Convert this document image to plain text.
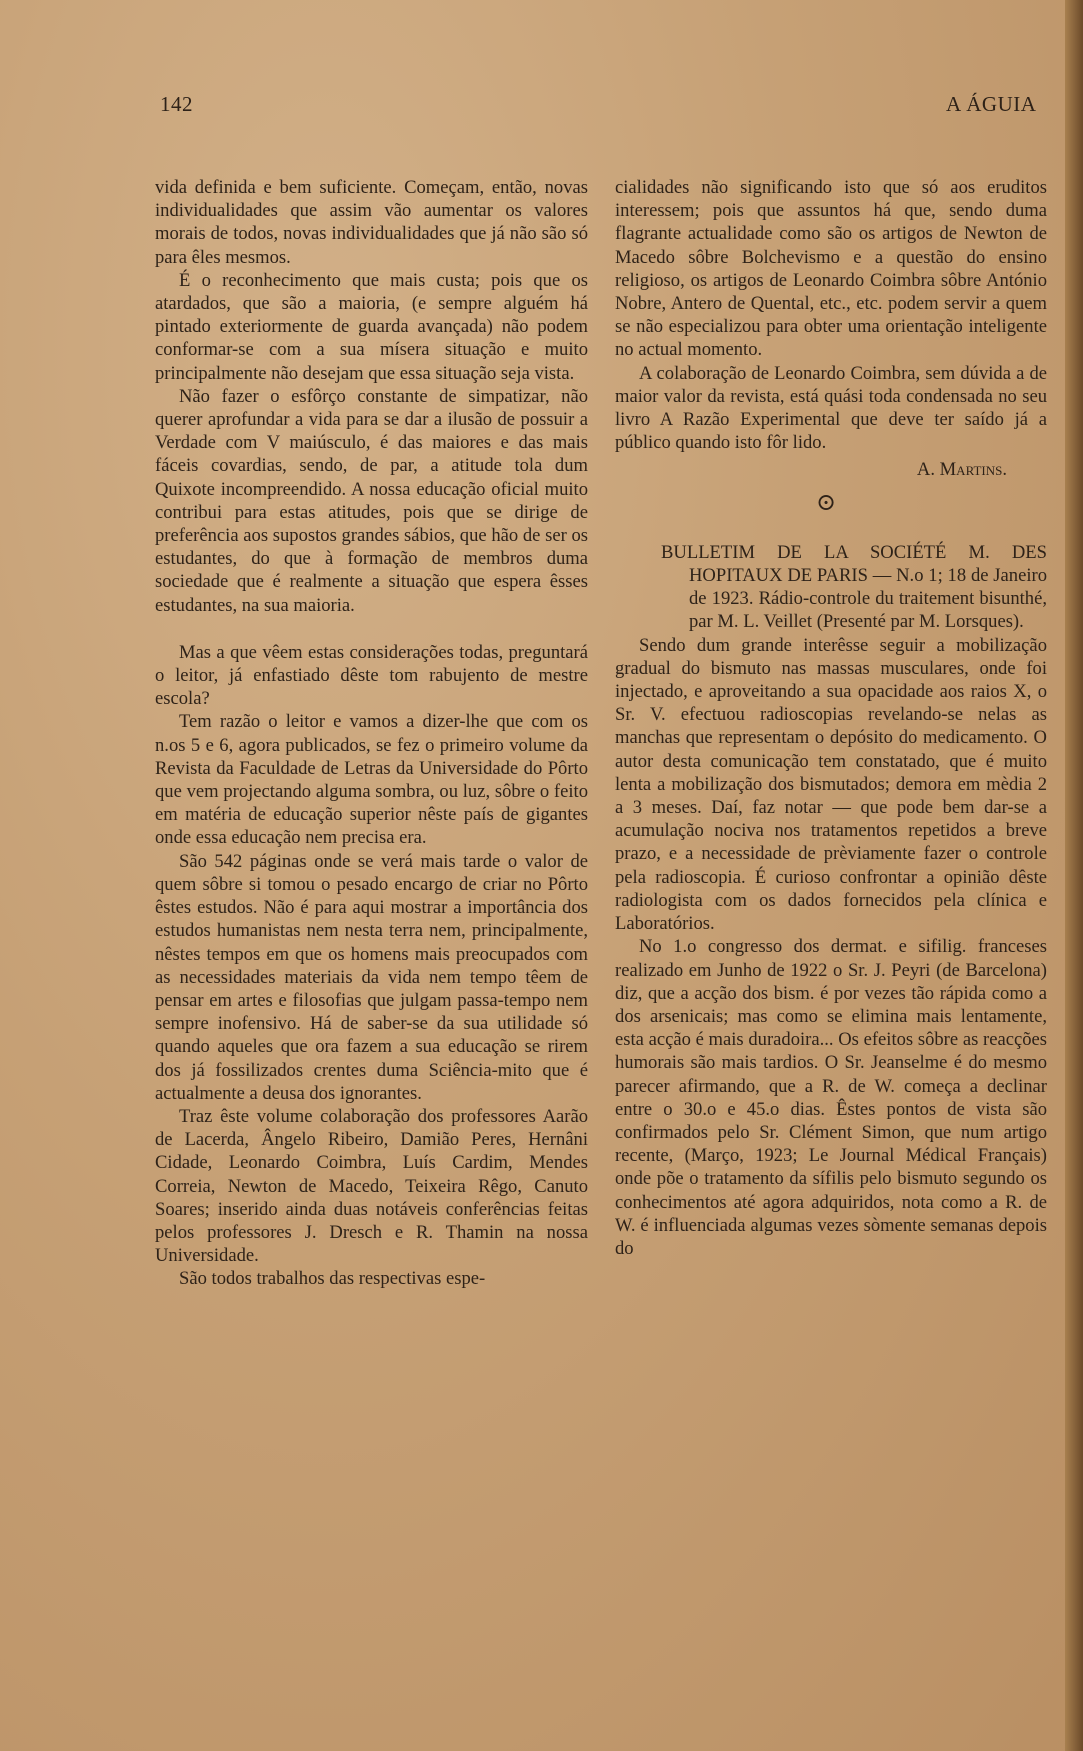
142	A ÁGUIA

vida definida e bem suficiente. Começam, então, novas individualidades que assim vão aumentar os valores morais de todos, novas individualidades que já não são só para êles mesmos.

É o reconhecimento que mais custa; pois que os atardados, que são a maioria, (e sempre alguém há pintado exteriormente de guarda avançada) não podem conformar-se com a sua mísera situação e muito principalmente não desejam que essa situação seja vista.

Não fazer o esfôrço constante de simpatizar, não querer aprofundar a vida para se dar a ilusão de possuir a Verdade com V maiúsculo, é das maiores e das mais fáceis covardias, sendo, de par, a atitude tola dum Quixote incompreendido. A nossa educação oficial muito contribui para estas atitudes, pois que se dirige de preferência aos supostos grandes sábios, que hão de ser os estudantes, do que à formação de membros duma sociedade que é realmente a situação que espera êsses estudantes, na sua maioria.

Mas a que vêem estas considerações todas, preguntará o leitor, já enfastiado dêste tom rabujento de mestre escola?

Tem razão o leitor e vamos a dizer-lhe que com os n.os 5 e 6, agora publicados, se fez o primeiro volume da Revista da Faculdade de Letras da Universidade do Pôrto que vem projectando alguma sombra, ou luz, sôbre o feito em matéria de educação superior nêste país de gigantes onde essa educação nem precisa era.

São 542 páginas onde se verá mais tarde o valor de quem sôbre si tomou o pesado encargo de criar no Pôrto êstes estudos. Não é para aqui mostrar a importância dos estudos humanistas nem nesta terra nem, principalmente, nêstes tempos em que os homens mais preocupados com as necessidades materiais da vida nem tempo têem de pensar em artes e filosofias que julgam passa-tempo nem sempre inofensivo. Há de saber-se da sua utilidade só quando aqueles que ora fazem a sua educação se rirem dos já fossilizados crentes duma Sciência-mito que é actualmente a deusa dos ignorantes.

Traz êste volume colaboração dos professores Aarão de Lacerda, Ângelo Ribeiro, Damião Peres, Hernâni Cidade, Leonardo Coimbra, Luís Cardim, Mendes Correia, Newton de Macedo, Teixeira Rêgo, Canuto Soares; inserido ainda duas notáveis conferências feitas pelos professores J. Dresch e R. Thamin na nossa Universidade.

São todos trabalhos das respectivas espe-

cialidades não significando isto que só aos eruditos interessem; pois que assuntos há que, sendo duma flagrante actualidade como são os artigos de Newton de Macedo sôbre Bolchevismo e a questão do ensino religioso, os artigos de Leonardo Coimbra sôbre António Nobre, Antero de Quental, etc., etc. podem servir a quem se não especializou para obter uma orientação inteligente no actual momento.

A colaboração de Leonardo Coimbra, sem dúvida a de maior valor da revista, está quási toda condensada no seu livro A Razão Experimental que deve ter saído já a público quando isto fôr lido.

A. Martins.
⊙

BULLETIM DE LA SOCIÉTÉ M. DES HOPITAUX DE PARIS — N.o 1; 18 de Janeiro de 1923. Rádio-controle du traitement bisunthé, par M. L. Veillet (Presenté par M. Lorsques).

Sendo dum grande interêsse seguir a mobilização gradual do bismuto nas massas musculares, onde foi injectado, e aproveitando a sua opacidade aos raios X, o Sr. V. efectuou radioscopias revelando-se nelas as manchas que representam o depósito do medicamento. O autor desta comunicação tem constatado, que é muito lenta a mobilização dos bismutados; demora em mèdia 2 a 3 meses. Daí, faz notar — que pode bem dar-se a acumulação nociva nos tratamentos repetidos a breve prazo, e a necessidade de prèviamente fazer o controle pela radioscopia. É curioso confrontar a opinião dêste radiologista com os dados fornecidos pela clínica e Laboratórios.

No 1.o congresso dos dermat. e sifilig. franceses realizado em Junho de 1922 o Sr. J. Peyri (de Barcelona) diz, que a acção dos bism. é por vezes tão rápida como a dos arsenicais; mas como se elimina mais lentamente, esta acção é mais duradoira... Os efeitos sôbre as reacções humorais são mais tardios. O Sr. Jeanselme é do mesmo parecer afirmando, que a R. de W. começa a declinar entre o 30.o e 45.o dias. Êstes pontos de vista são confirmados pelo Sr. Clément Simon, que num artigo recente, (Março, 1923; Le Journal Médical Français) onde põe o tratamento da sífilis pelo bismuto segundo os conhecimentos até agora adquiridos, nota como a R. de W. é influenciada algumas vezes sòmente semanas depois do
